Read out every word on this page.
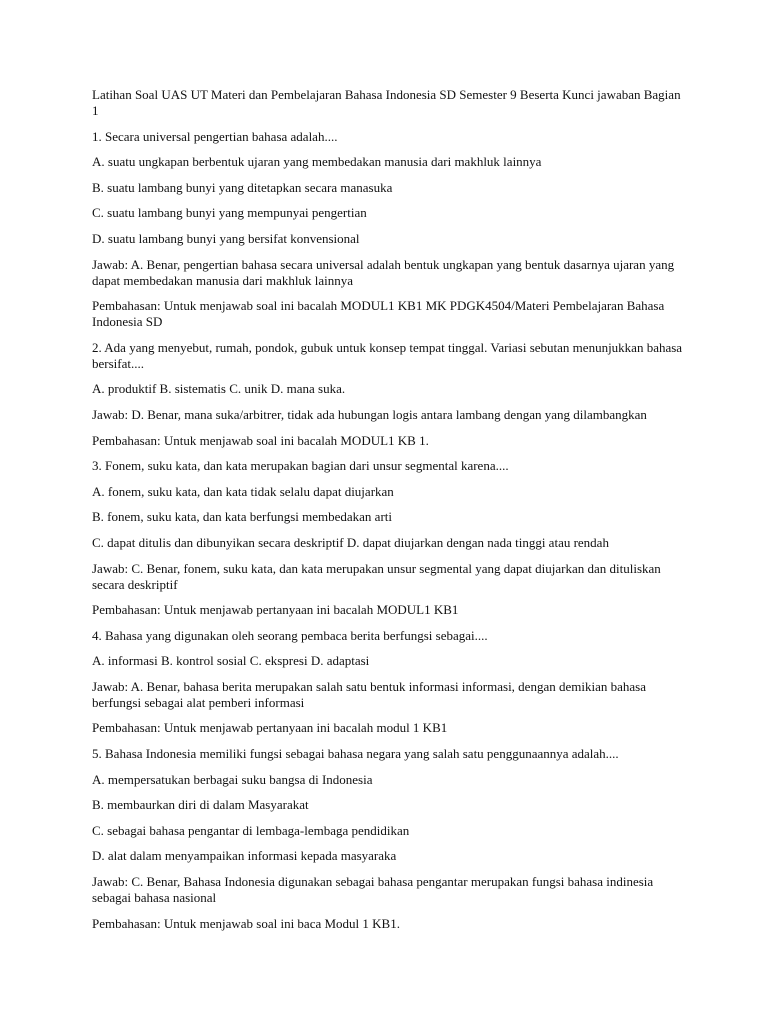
Latihan Soal UAS UT Materi dan Pembelajaran Bahasa Indonesia SD Semester 9 Beserta Kunci jawaban Bagian 1

1. Secara universal pengertian bahasa adalah....

A. suatu ungkapan berbentuk ujaran yang membedakan manusia dari makhluk lainnya

B. suatu lambang bunyi yang ditetapkan secara manasuka

C. suatu lambang bunyi yang mempunyai pengertian

D. suatu lambang bunyi yang bersifat konvensional

Jawab: A. Benar, pengertian bahasa secara universal adalah bentuk ungkapan yang bentuk dasarnya ujaran yang dapat membedakan manusia dari makhluk lainnya

Pembahasan: Untuk menjawab soal ini bacalah MODUL1 KB1 MK PDGK4504/Materi Pembelajaran Bahasa Indonesia SD

2. Ada yang menyebut, rumah, pondok, gubuk untuk konsep tempat tinggal. Variasi sebutan menunjukkan bahasa bersifat....

A. produktif B. sistematis C. unik D. mana suka.

Jawab: D. Benar, mana suka/arbitrer, tidak ada hubungan logis antara lambang dengan yang dilambangkan

Pembahasan: Untuk menjawab soal ini bacalah MODUL1 KB 1.

3. Fonem, suku kata, dan kata merupakan bagian dari unsur segmental karena....

A. fonem, suku kata, dan kata tidak selalu dapat diujarkan

B. fonem, suku kata, dan kata berfungsi membedakan arti

C. dapat ditulis dan dibunyikan secara deskriptif D. dapat diujarkan dengan nada tinggi atau rendah

Jawab: C. Benar, fonem, suku kata, dan kata merupakan unsur segmental yang dapat diujarkan dan dituliskan secara deskriptif

Pembahasan: Untuk menjawab pertanyaan ini bacalah MODUL1 KB1

4. Bahasa yang digunakan oleh seorang pembaca berita berfungsi sebagai....

A. informasi B. kontrol sosial C. ekspresi D. adaptasi

Jawab: A. Benar, bahasa berita merupakan salah satu bentuk informasi informasi, dengan demikian bahasa berfungsi sebagai alat pemberi informasi

Pembahasan: Untuk menjawab pertanyaan ini bacalah modul 1 KB1

5. Bahasa Indonesia memiliki fungsi sebagai bahasa negara yang salah satu penggunaannya adalah....

A. mempersatukan berbagai suku bangsa di Indonesia

B. membaurkan diri di dalam Masyarakat

C. sebagai bahasa pengantar di lembaga-lembaga pendidikan

D. alat dalam menyampaikan informasi kepada masyaraka

Jawab: C. Benar, Bahasa Indonesia digunakan sebagai bahasa pengantar merupakan fungsi bahasa indinesia sebagai bahasa nasional

Pembahasan: Untuk menjawab soal ini baca Modul 1 KB1.
